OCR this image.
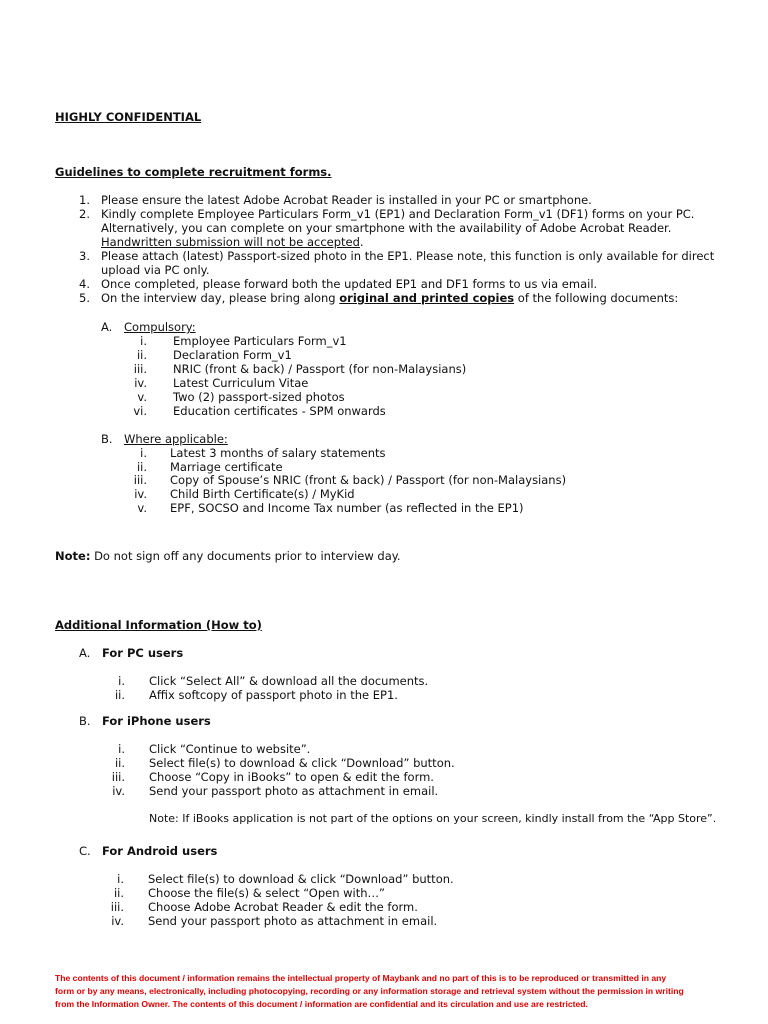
HIGHLY CONFIDENTIAL
Guidelines to complete recruitment forms.
1. Please ensure the latest Adobe Acrobat Reader is installed in your PC or smartphone.
2. Kindly complete Employee Particulars Form_v1 (EP1) and Declaration Form_v1 (DF1) forms on your PC.
Alternatively, you can complete on your smartphone with the availability of Adobe Acrobat Reader.
Handwritten submission will not be accepted.
3. Please attach (latest) Passport-sized photo in the EP1. Please note, this function is only available for direct
upload via PC only.
4. Once completed, please forward both the updated EP1 and DF1 forms to us via email.
5. On the interview day, please bring along original and printed copies of the following documents:
A. Compulsory:
i. Employee Particulars Form_v1
ii. Declaration Form_v1
iii. NRIC (front & back) / Passport (for non-Malaysians)
iv. Latest Curriculum Vitae
v. Two (2) passport-sized photos
vi. Education certificates - SPM onwards
B. Where applicable:
i. Latest 3 months of salary statements
ii. Marriage certificate
iii. Copy of Spouse’s NRIC (front & back) / Passport (for non-Malaysians)
iv. Child Birth Certificate(s) / MyKid
v. EPF, SOCSO and Income Tax number (as reflected in the EP1)
Note: Do not sign off any documents prior to interview day.
Additional Information (How to)
A. For PC users
i. Click “Select All” & download all the documents.
ii. Affix softcopy of passport photo in the EP1.
B. For iPhone users
i. Click “Continue to website”.
ii. Select file(s) to download & click “Download” button.
iii. Choose “Copy in iBooks” to open & edit the form.
iv. Send your passport photo as attachment in email.
Note: If iBooks application is not part of the options on your screen, kindly install from the “App Store”.
C. For Android users
i. Select file(s) to download & click “Download” button.
ii. Choose the file(s) & select “Open with…”
iii. Choose Adobe Acrobat Reader & edit the form.
iv. Send your passport photo as attachment in email.
The contents of this document / information remains the intellectual property of Maybank and no part of this is to be reproduced or transmitted in any
form or by any means, electronically, including photocopying, recording or any information storage and retrieval system without the permission in writing
from the Information Owner. The contents of this document / information are confidential and its circulation and use are restricted.
